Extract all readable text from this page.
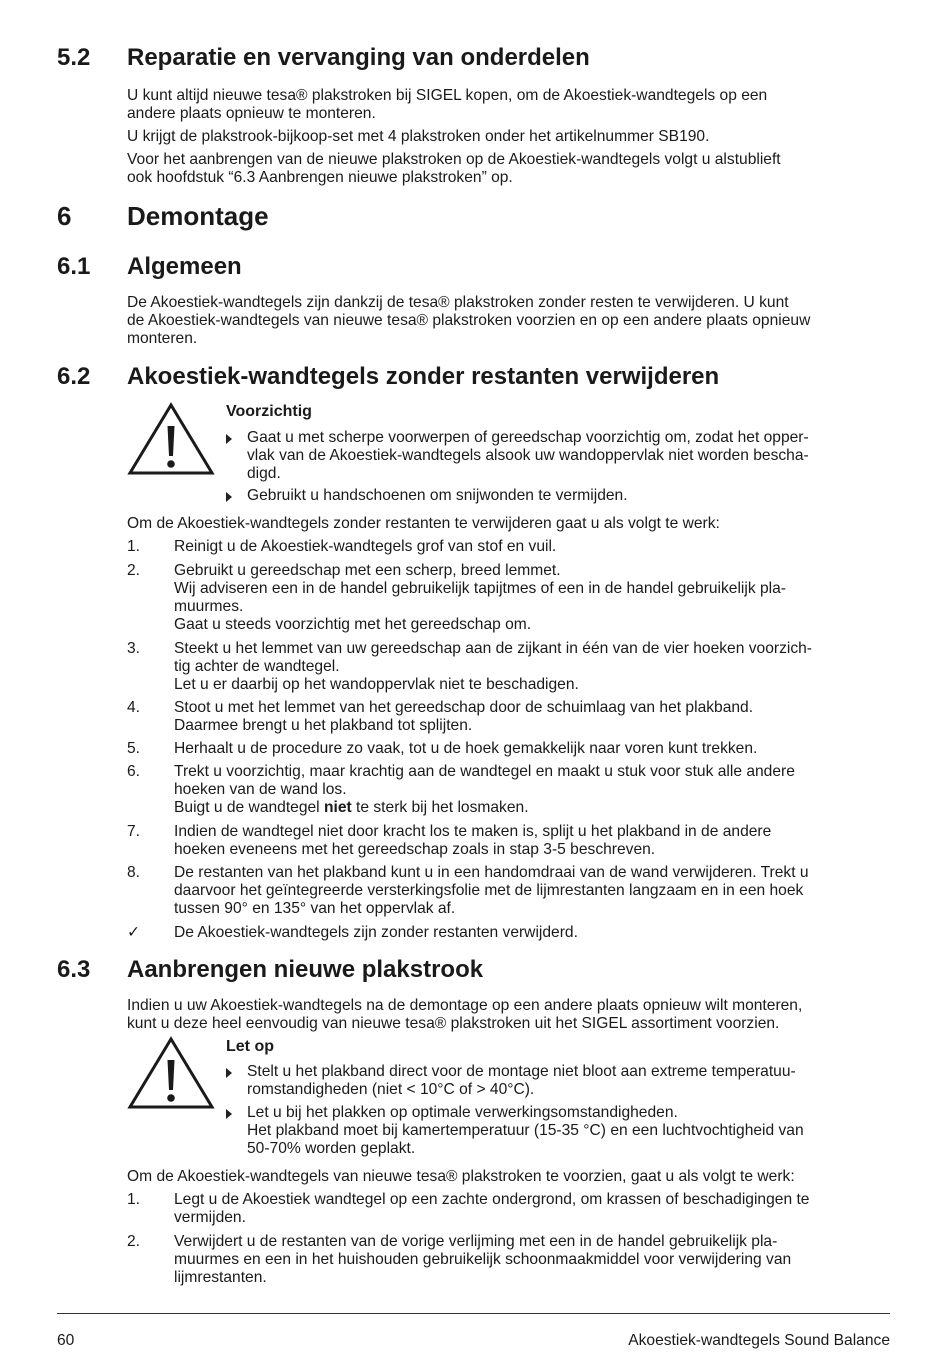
5.2 Reparatie en vervanging van onderdelen
U kunt altijd nieuwe tesa® plakstroken bij SIGEL kopen, om de Akoestiek-wandtegels op een
andere plaats opnieuw te monteren.
U krijgt de plakstrook-bijkoop-set met 4 plakstroken onder het artikelnummer SB190.
Voor het aanbrengen van de nieuwe plakstroken op de Akoestiek-wandtegels volgt u alstublieft
ook hoofdstuk “6.3 Aanbrengen nieuwe plakstroken” op.
6 Demontage
6.1 Algemeen
De Akoestiek-wandtegels zijn dankzij de tesa® plakstroken zonder resten te verwijderen. U kunt
de Akoestiek-wandtegels van nieuwe tesa® plakstroken voorzien en op een andere plaats opnieuw
monteren.
6.2 Akoestiek-wandtegels zonder restanten verwijderen
Voorzichtig
Gaat u met scherpe voorwerpen of gereedschap voorzichtig om, zodat het opper-
vlak van de Akoestiek-wandtegels alsook uw wandoppervlak niet worden bescha-
digd.
Gebruikt u handschoenen om snijwonden te vermijden.
Om de Akoestiek-wandtegels zonder restanten te verwijderen gaat u als volgt te werk:
1.	Reinigt u de Akoestiek-wandtegels grof van stof en vuil.
2.	Gebruikt u gereedschap met een scherp, breed lemmet.
Wij adviseren een in de handel gebruikelijk tapijtmes of een in de handel gebruikelijk pla-
muurmes.
Gaat u steeds voorzichtig met het gereedschap om.
3.	Steekt u het lemmet van uw gereedschap aan de zijkant in één van de vier hoeken voorzich-
tig achter de wandtegel.
Let u er daarbij op het wandoppervlak niet te beschadigen.
4.	Stoot u met het lemmet van het gereedschap door de schuimlaag van het plakband.
Daarmee brengt u het plakband tot splijten.
5.	Herhaalt u de procedure zo vaak, tot u de hoek gemakkelijk naar voren kunt trekken.
6.	Trekt u voorzichtig, maar krachtig aan de wandtegel en maakt u stuk voor stuk alle andere
hoeken van de wand los.
Buigt u de wandtegel niet te sterk bij het losmaken.
7.	Indien de wandtegel niet door kracht los te maken is, splijt u het plakband in de andere
hoeken eveneens met het gereedschap zoals in stap 3-5 beschreven.
8.	De restanten van het plakband kunt u in een handomdraai van de wand verwijderen. Trekt u
daarvoor het geïntegreerde versterkingsfolie met de lijmrestanten langzaam en in een hoek
tussen 90° en 135° van het oppervlak af.
✓	De Akoestiek-wandtegels zijn zonder restanten verwijderd.
6.3 Aanbrengen nieuwe plakstrook
Indien u uw Akoestiek-wandtegels na de demontage op een andere plaats opnieuw wilt monteren,
kunt u deze heel eenvoudig van nieuwe tesa® plakstroken uit het SIGEL assortiment voorzien.
Let op
Stelt u het plakband direct voor de montage niet bloot aan extreme temperatuu-
romstandigheden (niet < 10°C of > 40°C).
Let u bij het plakken op optimale verwerkingsomstandigheden.
Het plakband moet bij kamertemperatuur (15-35 °C) en een luchtvochtigheid van
50-70% worden geplakt.
Om de Akoestiek-wandtegels van nieuwe tesa® plakstroken te voorzien, gaat u als volgt te werk:
1.	Legt u de Akoestiek wandtegel op een zachte ondergrond, om krassen of beschadigingen te
vermijden.
2.	Verwijdert u de restanten van de vorige verlijming met een in de handel gebruikelijk pla-
muurmes en een in het huishouden gebruikelijk schoonmaakmiddel voor verwijdering van
lijmrestanten.
60	Akoestiek-wandtegels Sound Balance
